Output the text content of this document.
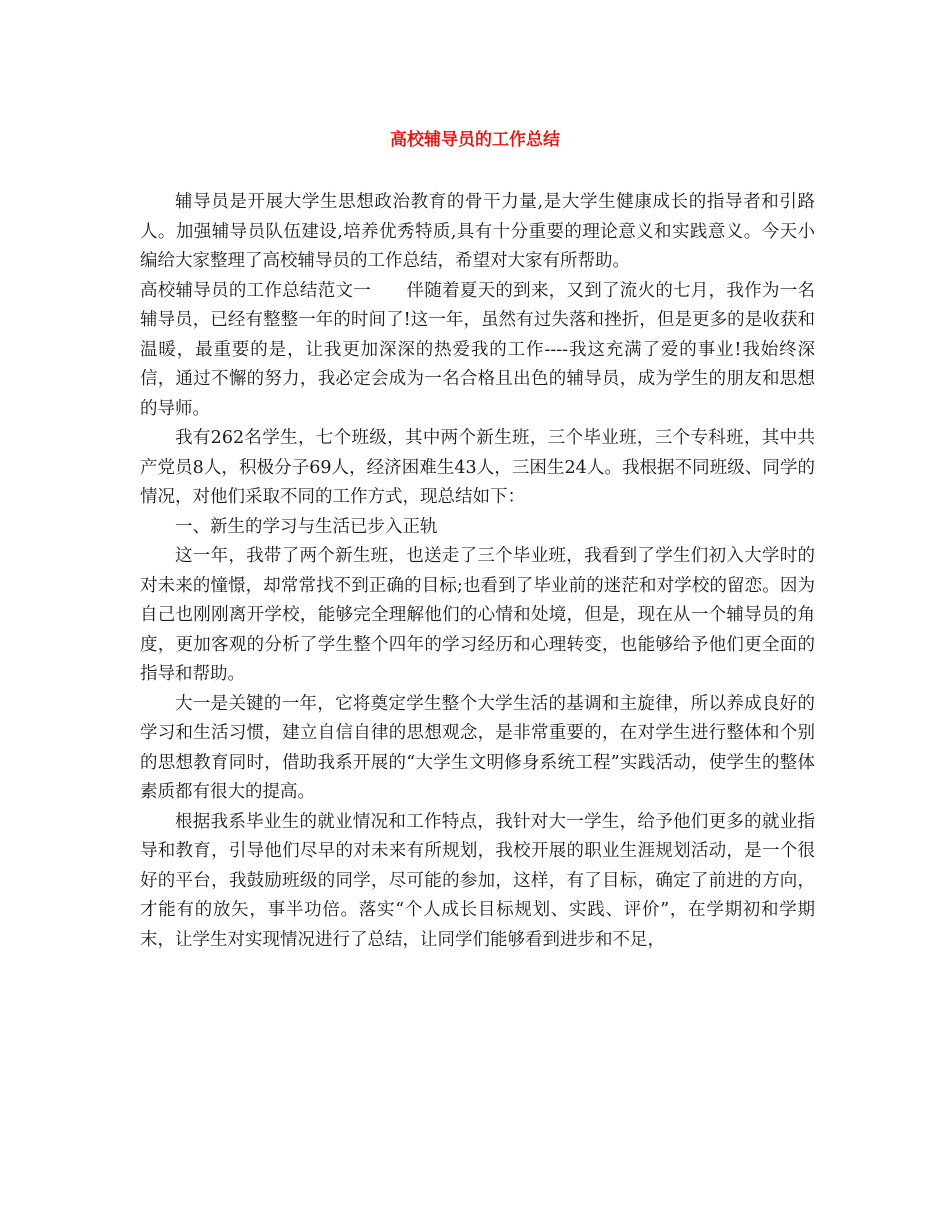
高校辅导员的工作总结

辅导员是开展大学生思想政治教育的骨干力量,是大学生健康成长的指导者和引路人。加强辅导员队伍建设,培养优秀特质,具有十分重要的理论意义和实践意义。今天小编给大家整理了高校辅导员的工作总结，希望对大家有所帮助。

高校辅导员的工作总结范文一　　伴随着夏天的到来，又到了流火的七月，我作为一名辅导员，已经有整整一年的时间了!这一年，虽然有过失落和挫折，但是更多的是收获和温暖，最重要的是，让我更加深深的热爱我的工作----我这充满了爱的事业!我始终深信，通过不懈的努力，我必定会成为一名合格且出色的辅导员，成为学生的朋友和思想的导师。

我有262名学生，七个班级，其中两个新生班，三个毕业班，三个专科班，其中共产党员8人，积极分子69人，经济困难生43人，三困生24人。我根据不同班级、同学的情况，对他们采取不同的工作方式，现总结如下：

一、新生的学习与生活已步入正轨

这一年，我带了两个新生班，也送走了三个毕业班，我看到了学生们初入大学时的对未来的憧憬，却常常找不到正确的目标;也看到了毕业前的迷茫和对学校的留恋。因为自己也刚刚离开学校，能够完全理解他们的心情和处境，但是，现在从一个辅导员的角度，更加客观的分析了学生整个四年的学习经历和心理转变，也能够给予他们更全面的指导和帮助。

大一是关键的一年，它将奠定学生整个大学生活的基调和主旋律，所以养成良好的学习和生活习惯，建立自信自律的思想观念，是非常重要的，在对学生进行整体和个别的思想教育同时，借助我系开展的“大学生文明修身系统工程”实践活动，使学生的整体素质都有很大的提高。

根据我系毕业生的就业情况和工作特点，我针对大一学生，给予他们更多的就业指导和教育，引导他们尽早的对未来有所规划，我校开展的职业生涯规划活动，是一个很好的平台，我鼓励班级的同学，尽可能的参加，这样，有了目标，确定了前进的方向，才能有的放矢，事半功倍。落实“个人成长目标规划、实践、评价”，在学期初和学期末，让学生对实现情况进行了总结，让同学们能够看到进步和不足，
